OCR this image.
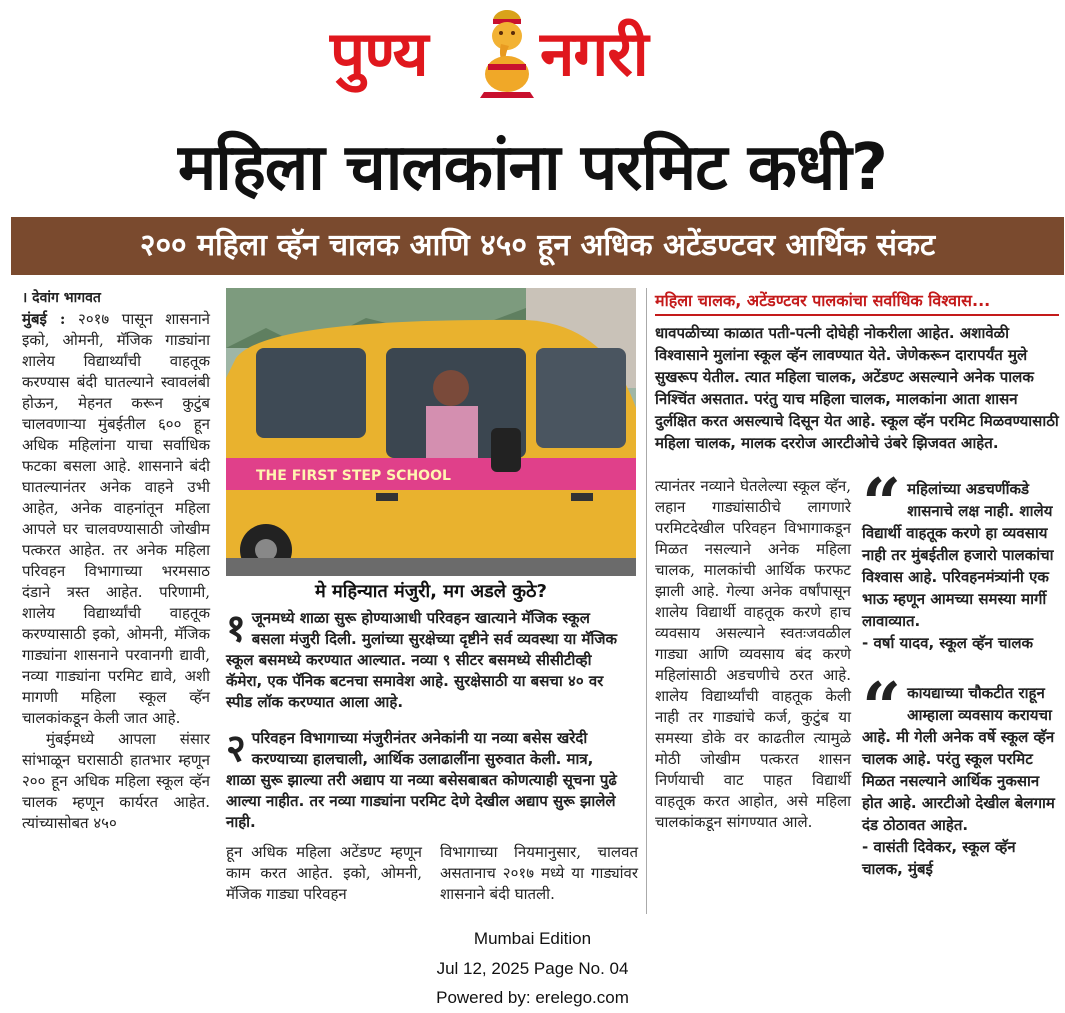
पुण्य नगरी
महिला चालकांना परमिट कधी?
२०० महिला व्हॅन चालक आणि ४५० हून अधिक अटेंडण्टवर आर्थिक संकट
। देवांग भागवत

मुंबई : २०१७ पासून शासनाने इको, ओमनी, मॅजिक गाड्यांना शालेय विद्यार्थ्यांची वाहतूक करण्यास बंदी घातल्याने स्वावलंबी होऊन, मेहनत करून कुटुंब चालवणाऱ्या मुंबईतील ६०० हून अधिक महिलांना याचा सर्वाधिक फटका बसला आहे. शासनाने बंदी घातल्यानंतर अनेक वाहने उभी आहेत, अनेक वाहनांतून महिला आपले घर चालवण्यासाठी जोखीम पत्करत आहेत. तर अनेक महिला परिवहन विभागाच्या भरमसाठ दंडाने त्रस्त आहेत. परिणामी, शालेय विद्यार्थ्यांची वाहतूक करण्यासाठी इको, ओमनी, मॅजिक गाड्यांना शासनाने परवानगी द्यावी, नव्या गाड्यांना परमिट द्यावे, अशी मागणी महिला स्कूल व्हॅन चालकांकडून केली जात आहे.

मुंबईमध्ये आपला संसार सांभाळून घरासाठी हातभार म्हणून २०० हून अधिक महिला स्कूल व्हॅन चालक म्हणून कार्यरत आहेत. त्यांच्यासोबत ४५०

THE FIRST STEP SCHOOL
मे महिन्यात मंजुरी, मग अडले कुठे?
१ जूनमध्ये शाळा सुरू होण्याआधी परिवहन खात्याने मॅजिक स्कूल बसला मंजुरी दिली. मुलांच्या सुरक्षेच्या दृष्टीने सर्व व्यवस्था या मॅजिक स्कूल बसमध्ये करण्यात आल्यात. नव्या ९ सीटर बसमध्ये सीसीटीव्ही कॅमेरा, एक पॅनिक बटनचा समावेश आहे. सुरक्षेसाठी या बसचा ४० वर स्पीड लॉक करण्यात आला आहे.
२ परिवहन विभागाच्या मंजुरीनंतर अनेकांनी या नव्या बसेस खरेदी करण्याच्या हालचाली, आर्थिक उलाढालींना सुरुवात केली. मात्र, शाळा सुरू झाल्या तरी अद्याप या नव्या बसेसबाबत कोणत्याही सूचना पुढे आल्या नाहीत. तर नव्या गाड्यांना परमिट देणे देखील अद्याप सुरू झालेले नाही.
हून अधिक महिला अटेंडण्ट म्हणून काम करत आहेत. इको, ओमनी, मॅजिक गाड्या परिवहन
विभागाच्या नियमानुसार, चालवत असतानाच २०१७ मध्ये या गाड्यांवर शासनाने बंदी घातली.
महिला चालक, अटेंडण्टवर पालकांचा सर्वाधिक विश्वास...
धावपळीच्या काळात पती-पत्नी दोघेही नोकरीला आहेत. अशावेळी विश्वासाने मुलांना स्कूल व्हॅन लावण्यात येते. जेणेकरून दारापर्यंत मुले सुखरूप येतील. त्यात महिला चालक, अटेंडण्ट असल्याने अनेक पालक निश्चिंत असतात. परंतु याच महिला चालक, मालकांना आता शासन दुर्लक्षित करत असल्याचे दिसून येत आहे. स्कूल व्हॅन परमिट मिळवण्यासाठी महिला चालक, मालक दररोज आरटीओचे उंबरे झिजवत आहेत.
त्यानंतर नव्याने घेतलेल्या स्कूल व्हॅन, लहान गाड्यांसाठीचे लागणारे परमिटदेखील परिवहन विभागाकडून मिळत नसल्याने अनेक महिला चालक, मालकांची आर्थिक फरफट झाली आहे. गेल्या अनेक वर्षांपासून शालेय विद्यार्थी वाहतूक करणे हाच व्यवसाय असल्याने स्वतःजवळील गाड्या आणि व्यवसाय बंद करणे महिलांसाठी अडचणीचे ठरत आहे. शालेय विद्यार्थ्यांची वाहतूक केली नाही तर गाड्यांचे कर्ज, कुटुंब या समस्या डोके वर काढतील त्यामुळे मोठी जोखीम पत्करत शासन निर्णयाची वाट पाहत विद्यार्थी वाहतूक करत आहोत, असे महिला चालकांकडून सांगण्यात आले.
“ महिलांच्या अडचणींकडे शासनाचे लक्ष नाही. शालेय विद्यार्थी वाहतूक करणे हा व्यवसाय नाही तर मुंबईतील हजारो पालकांचा विश्वास आहे. परिवहनमंत्र्यांनी एक भाऊ म्हणून आमच्या समस्या मार्गी लावाव्यात.
- वर्षा यादव, स्कूल व्हॅन चालक
“ कायद्याच्या चौकटीत राहून आम्हाला व्यवसाय करायचा आहे. मी गेली अनेक वर्षे स्कूल व्हॅन चालक आहे. परंतु स्कूल परमिट मिळत नसल्याने आर्थिक नुकसान होत आहे. आरटीओ देखील बेलगाम दंड ठोठावत आहेत.
- वासंती दिवेकर, स्कूल व्हॅन चालक, मुंबई
Mumbai Edition
Jul 12, 2025 Page No. 04
Powered by: erelego.com
